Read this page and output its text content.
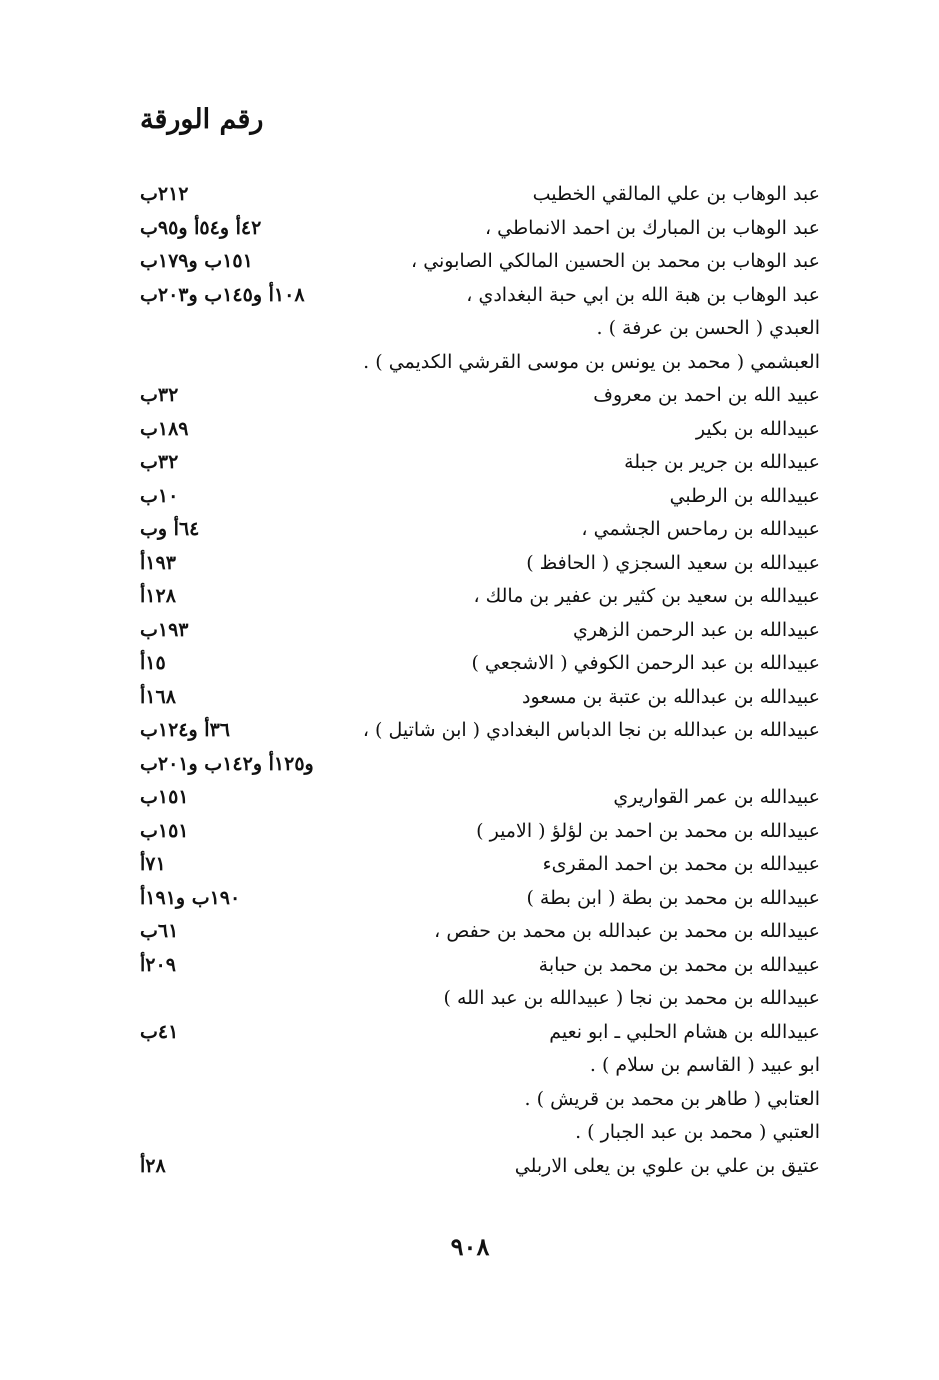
رقم الورقة
عبد الوهاب بن علي المالقي الخطيب
٢١٢ب
عبد الوهاب بن المبارك بن احمد الانماطي ،
٤٢أ و٥٤أ و٩٥ب
عبد الوهاب بن محمد بن الحسين المالكي الصابوني ،
١٥١ب و١٧٩ب
عبد الوهاب بن هبة الله بن ابي حبة البغدادي ،
١٠٨أ و١٤٥ب و٢٠٣ب
العبدي ( الحسن بن عرفة ) .
العبشمي ( محمد بن يونس بن موسى القرشي الكديمي ) .
عبيد الله بن احمد بن معروف
٣٢ب
عبيدالله بن بكير
١٨٩ب
عبيدالله بن جرير بن جبلة
٣٢ب
عبيدالله بن الرطبي
١٠ب
عبيدالله بن رماحس الجشمي ،
٦٤أ وب
عبيدالله بن سعيد السجزي ( الحافظ )
١٩٣أ
عبيدالله بن سعيد بن كثير بن عفير بن مالك ،
١٢٨أ
عبيدالله بن عبد الرحمن الزهري
١٩٣ب
عبيدالله بن عبد الرحمن الكوفي ( الاشجعي )
١٥أ
عبيدالله بن عبدالله بن عتبة بن مسعود
١٦٨أ
عبيدالله بن عبدالله بن نجا الدباس البغدادي ( ابن شاتيل ) ،
٣٦أ و١٢٤ب
و١٢٥أ و١٤٢ب و٢٠١ب
عبيدالله بن عمر القواريري
١٥١ب
عبيدالله بن محمد بن احمد بن لؤلؤ ( الامير )
١٥١ب
عبيدالله بن محمد بن احمد المقرىء
٧١أ
عبيدالله بن محمد بن بطة ( ابن بطة )
١٩٠ب و١٩١أ
عبيدالله بن محمد بن عبدالله بن محمد بن حفص ،
٦١ب
عبيدالله بن محمد بن محمد بن حبابة
٢٠٩أ
عبيدالله بن محمد بن نجا ( عبيدالله بن عبد الله )
عبيدالله بن هشام الحلبي ـ ابو نعيم
٤١ب
ابو عبيد ( القاسم بن سلام ) .
العتابي ( طاهر بن محمد بن قريش ) .
العتبي ( محمد بن عبد الجبار ) .
عتيق بن علي بن علوي بن يعلى الاربلي
٢٨أ
٩٠٨
